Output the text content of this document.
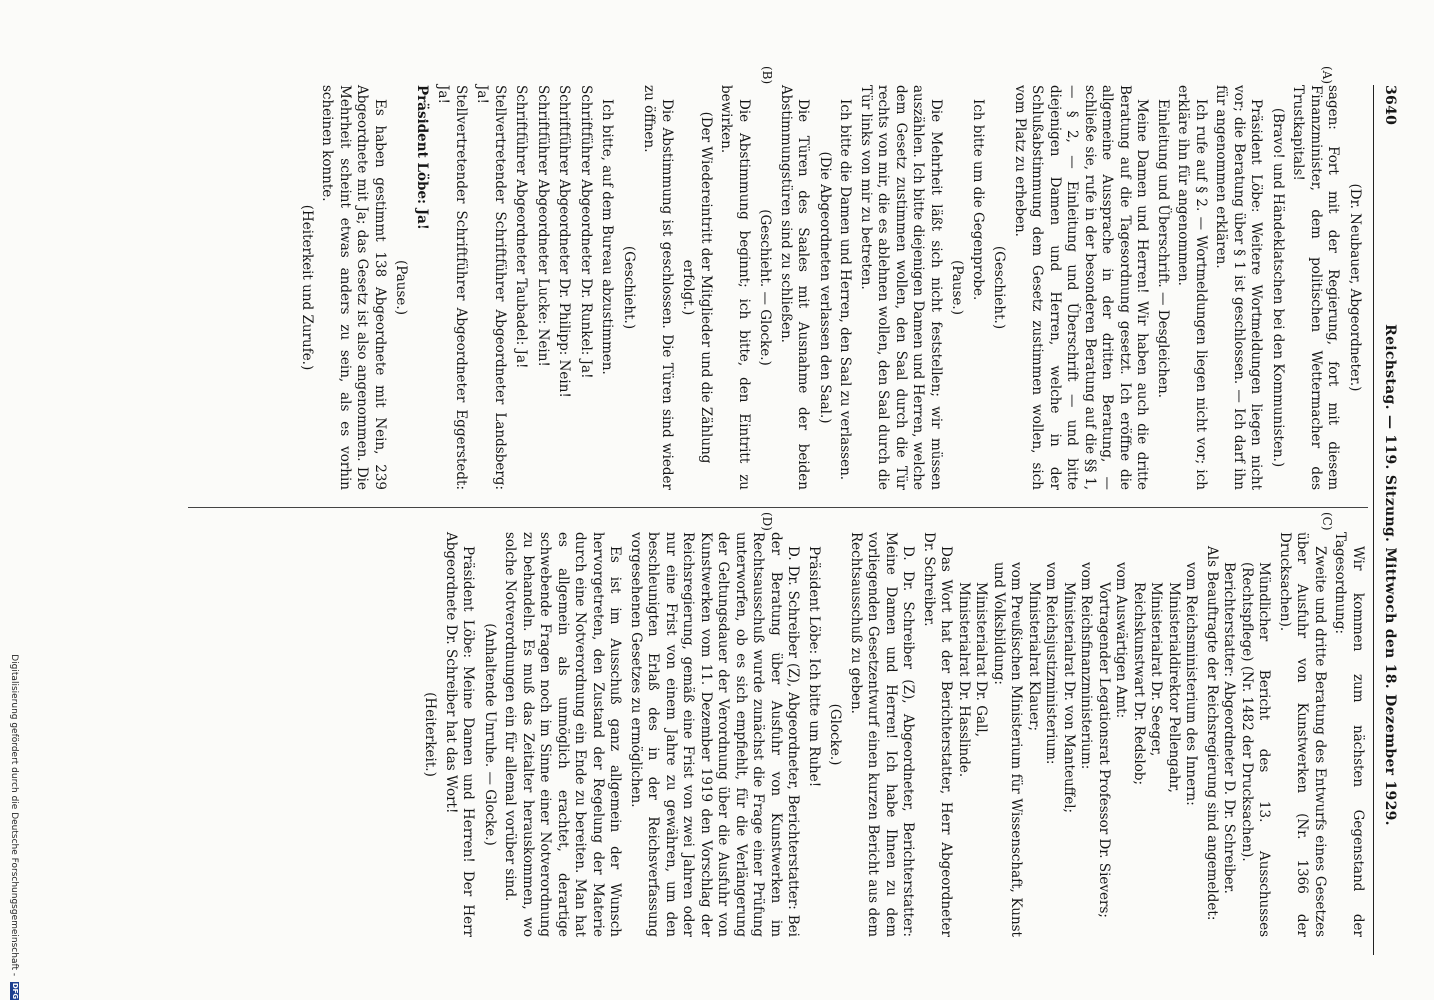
3640
Reichstag. — 119. Sitzung. Mittwoch den 18. Dezember 1929.
(A)
(B)
(C)
(D)

(Dr. Neubauer, Abgeordneter.)

sagen: Fort mit der Regierung, fort mit diesem Finanzminister, dem politischen Wettermacher des Trustkapitals!

(Bravo! und Händeklatschen bei den Kommunisten.)

Präsident Löbe: Weitere Wortmeldungen liegen nicht vor; die Beratung über § 1 ist geschlossen. — Ich darf ihn für angenommen erklären.

Ich rufe auf § 2. — Wortmeldungen liegen nicht vor; ich erkläre ihn für angenommen.

Einleitung und Überschrift. — Desgleichen.

Meine Damen und Herren! Wir haben auch die dritte Beratung auf die Tagesordnung gesetzt. Ich eröffne die allgemeine Aussprache in der dritten Beratung, — schließe sie, rufe in der besonderen Beratung auf die §§ 1, — § 2, — Einleitung und Überschrift — und bitte diejenigen Damen und Herren, welche in der Schlußabstimmung dem Gesetz zustimmen wollen, sich vom Platz zu erheben.

(Geschieht.)

Ich bitte um die Gegenprobe.

(Pause.)

Die Mehrheit läßt sich nicht feststellen; wir müssen auszählen. Ich bitte diejenigen Damen und Herren, welche dem Gesetz zustimmen wollen, den Saal durch die Tür rechts von mir, die es ablehnen wollen, den Saal durch die Tür links von mir zu betreten.

Ich bitte die Damen und Herren, den Saal zu verlassen.

(Die Abgeordneten verlassen den Saal.)

Die Türen des Saales mit Ausnahme der beiden Abstimmungstüren sind zu schließen.

(Geschieht. — Glocke.)

Die Abstimmung beginnt; ich bitte, den Eintritt zu bewirken.

(Der Wiedereintritt der Mitglieder und die Zählung erfolgt.)

Die Abstimmung ist geschlossen. Die Türen sind wieder zu öffnen.

(Geschieht.)

Ich bitte, auf dem Bureau abzustimmen.

Schriftführer Abgeordneter Dr. Runkel: Ja!

Schriftführer Abgeordneter Dr. Philipp: Nein!

Schriftführer Abgeordneter Lucke: Nein!

Schriftführer Abgeordneter Taubadel: Ja!

Stellvertretender Schriftführer Abgeordneter Landsberg: Ja!

Stellvertretender Schriftführer Abgeordneter Eggerstedt: Ja!

Präsident Löbe: Ja!

(Pause.)

Es haben gestimmt 138 Abgeordnete mit Nein, 239 Abgeordnete mit Ja; das Gesetz ist also angenommen. Die Mehrheit scheint etwas anders zu sein, als es vorhin scheinen konnte.

(Heiterkeit und Zurufe.)

Wir kommen zum nächsten Gegenstand der Tagesordnung:

Zweite und dritte Beratung des Entwurfs eines Gesetzes über Ausfuhr von Kunstwerken (Nr. 1366 der Drucksachen).

Mündlicher Bericht des 13. Ausschusses (Rechtspflege) (Nr. 1482 der Drucksachen).

Berichterstatter: Abgeordneter D. Dr. Schreiber.

Als Beauftragte der Reichsregierung sind angemeldet:

vom Reichsministerium des Innern:

Ministerialdirektor Pellengahr,

Ministerialrat Dr. Seeger,

Reichskunstwart Dr. Redslob;

vom Auswärtigen Amt:

Vortragender Legationsrat Professor Dr. Sievers;

vom Reichsfinanzministerium:

Ministerialrat Dr. von Manteuffel;

vom Reichsjustizministerium:

Ministerialrat Klauer;

vom Preußischen Ministerium für Wissenschaft, Kunst und Volksbildung:

Ministerialrat Dr. Gall,

Ministerialrat Dr. Hasslinde.

Das Wort hat der Berichterstatter, Herr Abgeordneter Dr. Schreiber.

D. Dr. Schreiber (Z), Abgeordneter, Berichterstatter: Meine Damen und Herren! Ich habe Ihnen zu dem vorliegenden Gesetzentwurf einen kurzen Bericht aus dem Rechtsausschuß zu geben.

(Glocke.)

Präsident Löbe: Ich bitte um Ruhe!

D. Dr. Schreiber (Z), Abgeordneter, Berichterstatter: Bei der Beratung über Ausfuhr von Kunstwerken im Rechtsausschuß wurde zunächst die Frage einer Prüfung unterworfen, ob es sich empfiehlt, für die Verlängerung der Geltungsdauer der Verordnung über die Ausfuhr von Kunstwerken vom 11. Dezember 1919 den Vorschlag der Reichsregierung, gemäß eine Frist von zwei Jahren oder nur eine Frist von einem Jahre zu gewähren, um den beschleunigten Erlaß des in der Reichsverfassung vorgesehenen Gesetzes zu ermöglichen.

Es ist im Ausschuß ganz allgemein der Wunsch hervorgetreten, den Zustand der Regelung der Materie durch eine Notverordnung ein Ende zu bereiten. Man hat es allgemein als unmöglich erachtet, derartige schwebende Fragen noch im Sinne einer Notverordnung zu behandeln. Es muß das Zeitalter herauskommen, wo solche Notverordnungen ein für allemal vorüber sind.

(Anhaltende Unruhe. — Glocke.)

Präsident Löbe: Meine Damen und Herren! Der Herr Abgeordnete Dr. Schreiber hat das Wort!

(Heiterkeit.)

Digitalisierung gefördert durch die Deutsche Forschungsgemeinschaft - DFG
